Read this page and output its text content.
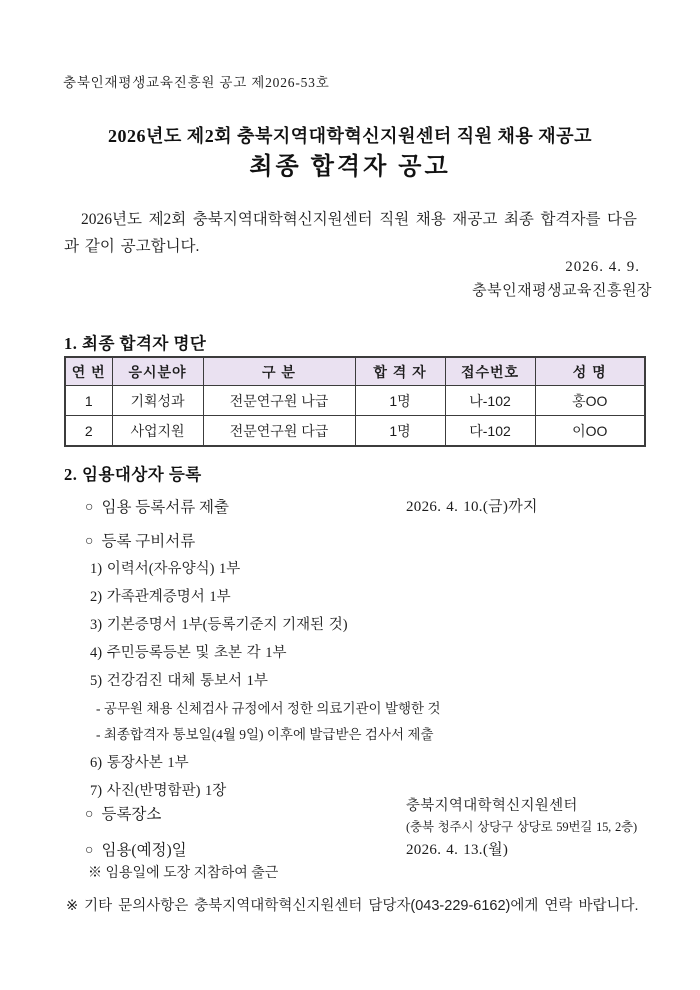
충북인재평생교육진흥원 공고 제2026-53호
2026년도 제2회 충북지역대학혁신지원센터 직원 채용 재공고
최종 합격자 공고
2026년도 제2회 충북지역대학혁신지원센터 직원 채용 재공고 최종 합격자를 다음과 같이 공고합니다.
2026. 4. 9.
충북인재평생교육진흥원장
1. 최종 합격자 명단
연 번	응시분야	구 분	합 격 자	접수번호	성 명
1	기획성과	전문연구원 나급	1명	나-102	홍OO
2	사업지원	전문연구원 다급	1명	다-102	이OO
2. 임용대상자 등록
○ 임용 등록서류 제출	2026. 4. 10.(금)까지
○ 등록 구비서류
1) 이력서(자유양식) 1부
2) 가족관계증명서 1부
3) 기본증명서 1부(등록기준지 기재된 것)
4) 주민등록등본 및 초본 각 1부
5) 건강검진 대체 통보서 1부
- 공무원 채용 신체검사 규정에서 정한 의료기관이 발행한 것
- 최종합격자 통보일(4월 9일) 이후에 발급받은 검사서 제출
6) 통장사본 1부
7) 사진(반명함판) 1장
○ 등록장소	충북지역대학혁신지원센터
(충북 청주시 상당구 상당로 59번길 15, 2층)
○ 임용(예정)일	2026. 4. 13.(월)
※ 임용일에 도장 지참하여 출근
※ 기타 문의사항은 충북지역대학혁신지원센터 담당자(043-229-6162)에게 연락 바랍니다.
